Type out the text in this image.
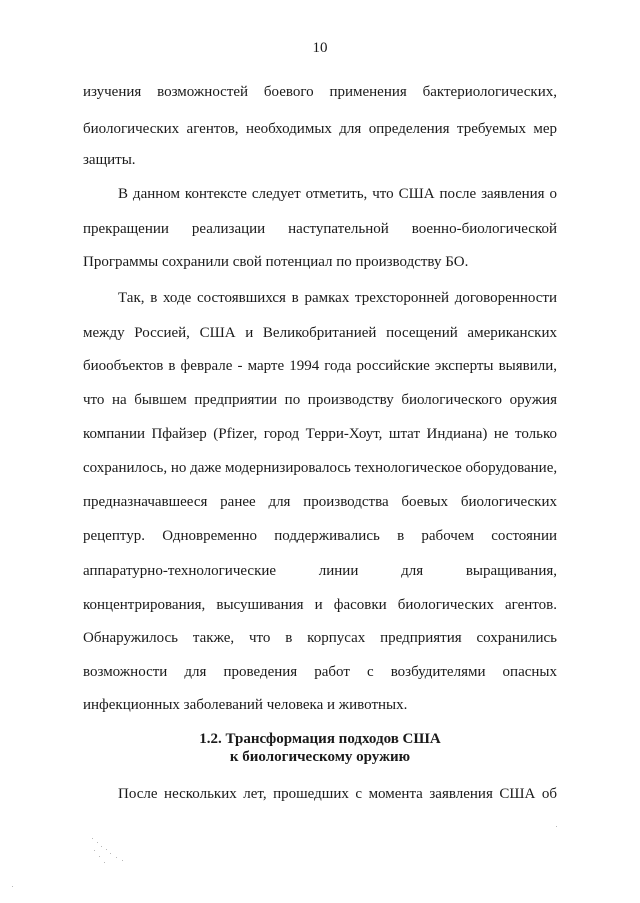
10
изучения возможностей боевого применения бактериологических,
биологических агентов, необходимых для определения требуемых мер
защиты.
В данном контексте следует отметить, что США после заявления о
прекращении реализации наступательной военно-биологической
Программы сохранили свой потенциал по производству БО.
Так, в ходе состоявшихся в рамках трехсторонней договоренности
между Россией, США и Великобританией посещений американских
биообъектов в феврале - марте 1994 года российские эксперты выявили,
что на бывшем предприятии по производству биологического оружия
компании Пфайзер (Pfizer, город Терри-Хоут, штат Индиана) не только
сохранилось, но даже модернизировалось технологическое оборудование,
предназначавшееся ранее для производства боевых биологических
рецептур. Одновременно поддерживались в рабочем состоянии
аппаратурно-технологические линии для выращивания,
концентрирования, высушивания и фасовки биологических агентов.
Обнаружилось также, что в корпусах предприятия сохранились
возможности для проведения работ с возбудителями опасных
инфекционных заболеваний человека и животных.
1.2. Трансформация подходов США
к биологическому оружию
После нескольких лет, прошедших с момента заявления США об
